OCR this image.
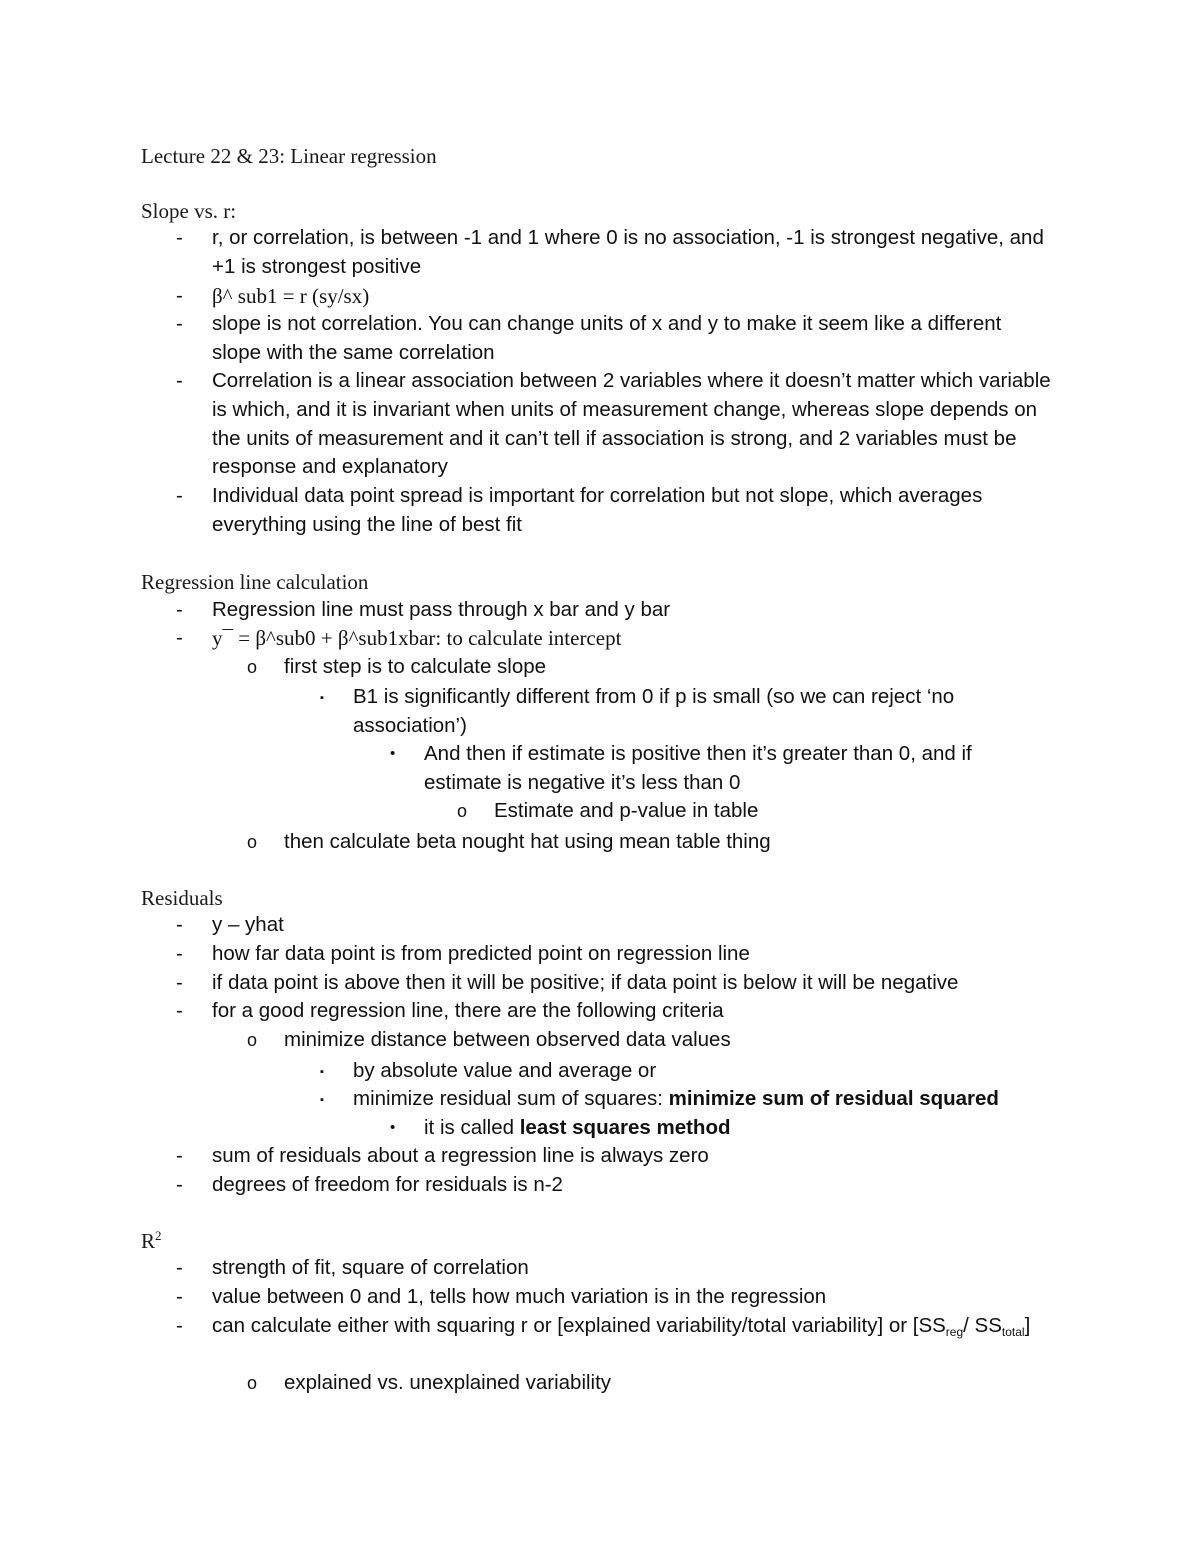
Lecture 22 & 23: Linear regression
Slope vs. r:
- r, or correlation, is between -1 and 1 where 0 is no association, -1 is strongest negative, and +1 is strongest positive
- β^ sub1 = r (sy/sx)
- slope is not correlation. You can change units of x and y to make it seem like a different slope with the same correlation
- Correlation is a linear association between 2 variables where it doesn’t matter which variable is which, and it is invariant when units of measurement change, whereas slope depends on the units of measurement and it can’t tell if association is strong, and 2 variables must be response and explanatory
- Individual data point spread is important for correlation but not slope, which averages everything using the line of best fit
Regression line calculation
- Regression line must pass through x bar and y bar
- y¯ = β^sub0 + β^sub1xbar: to calculate intercept
o first step is to calculate slope
▪ B1 is significantly different from 0 if p is small (so we can reject ‘no association’)
• And then if estimate is positive then it’s greater than 0, and if estimate is negative it’s less than 0
o Estimate and p-value in table
o then calculate beta nought hat using mean table thing
Residuals
- y – yhat
- how far data point is from predicted point on regression line
- if data point is above then it will be positive; if data point is below it will be negative
- for a good regression line, there are the following criteria
o minimize distance between observed data values
▪ by absolute value and average or
▪ minimize residual sum of squares: minimize sum of residual squared
• it is called least squares method
- sum of residuals about a regression line is always zero
- degrees of freedom for residuals is n-2
$R^2$
- strength of fit, square of correlation
- value between 0 and 1, tells how much variation is in the regression
- can calculate either with squaring r or [explained variability/total variability] or [$SS_{reg}/$ $SS_{total}$]
o explained vs. unexplained variability
